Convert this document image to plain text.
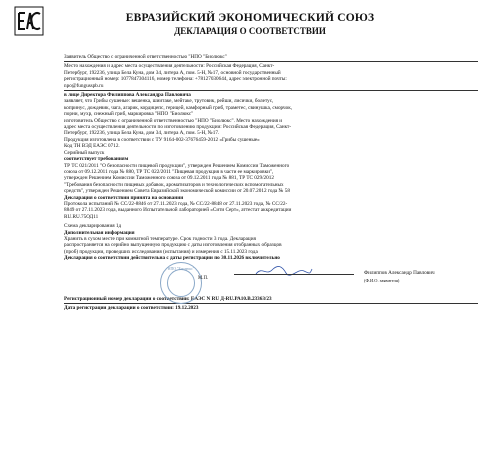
ЕВРАЗИЙСКИЙ ЭКОНОМИЧЕСКИЙ СОЮЗ
ДЕКЛАРАЦИЯ О СООТВЕТСТВИИ
Заявитель Общество с ограниченной ответственностью "НПО "Биолюкс"
Место нахождения и адрес места осуществления деятельности: Российская Федерация, Санкт-
Петербург, 192236, улица Бела Куна, дом 34, литера А, пом. 5-Н, №17, основной государственный
регистрационный номер: 1077847304116, номер телефона: +78127030644, адрес электронной почты:
npo@fungusspb.ru
в лице Директора Филиппова Александра Павловича
заявляет, что Грибы сушеные: вешенка, шиитаке, мейтаке, трутовик, рейши, лисички, болетус,
копринус, дождевик, чага, агарик, кордицепс, герицей, камфорный гриб, траметес, свинушка, сморчок,
порни, мухр, снежный гриб, маркировка "НПО "Биолюкс"
изготовитель Общество с ограниченной ответственностью "НПО "Биолюкс". Место нахождения и
адрес места осуществления деятельности по изготовлению продукции: Российская Федерация, Санкт-
Петербург, 192236, улица Бела Куна, дом 34, литера А, пом. 5-Н, №17.
Продукция изготовлена в соответствии с ТУ 9164-002-37676459-2012 «Грибы сушеные»
Код ТН ВЭД ЕАЭС 0712.
Серийный выпуск
соответствует требованиям
ТР ТС 021/2011 "О безопасности пищевой продукции", утвержден Решением Комиссии Таможенного
союза от 09.12.2011 года № 880, ТР ТС 022/2011 "Пищевая продукция в части ее маркировки",
утвержден Решением Комиссии Таможенного союза от 09.12.2011 года № 881, ТР ТС 029/2012
"Требования безопасности пищевых добавок, ароматизаторов и технологических вспомогательных
средств", утвержден Решением Совета Евразийской экономической комиссии от 20.07.2012 года № 58
Декларация о соответствии принята на основании
Протокола испытаний № СС/22-8846 от 27.11.2023 года, № СС/22-8848 от 27.11.2023 года, № СС/22-
8849 от 27.11.2023 года, выданного Испытательной лабораторией «Сити Серт», аттестат аккредитации
RU.RU.75ОД11
Схема декларирования 1д
Дополнительная информация
Хранить в сухом месте при комнатной температуре. Срок годности 3 года. Декларация
распространяется на серийно выпущенную продукцию с даты изготовления отобранных образцов
(проб) продукции, проведших исследования (испытания) и измерения с 15.11.2023 года
Декларация о соответствии действительна с даты регистрации по 30.11.2026 включительно
НПО "Биолюкс"
М.П.
Филиппов Александр Павлович
(Ф.И.О. заявителя)
Регистрационный номер декларации о соответствии: ЕАЭС N RU Д-RU.РА10.В.23363/23
Дата регистрации декларации о соответствии: 19.12.2023
